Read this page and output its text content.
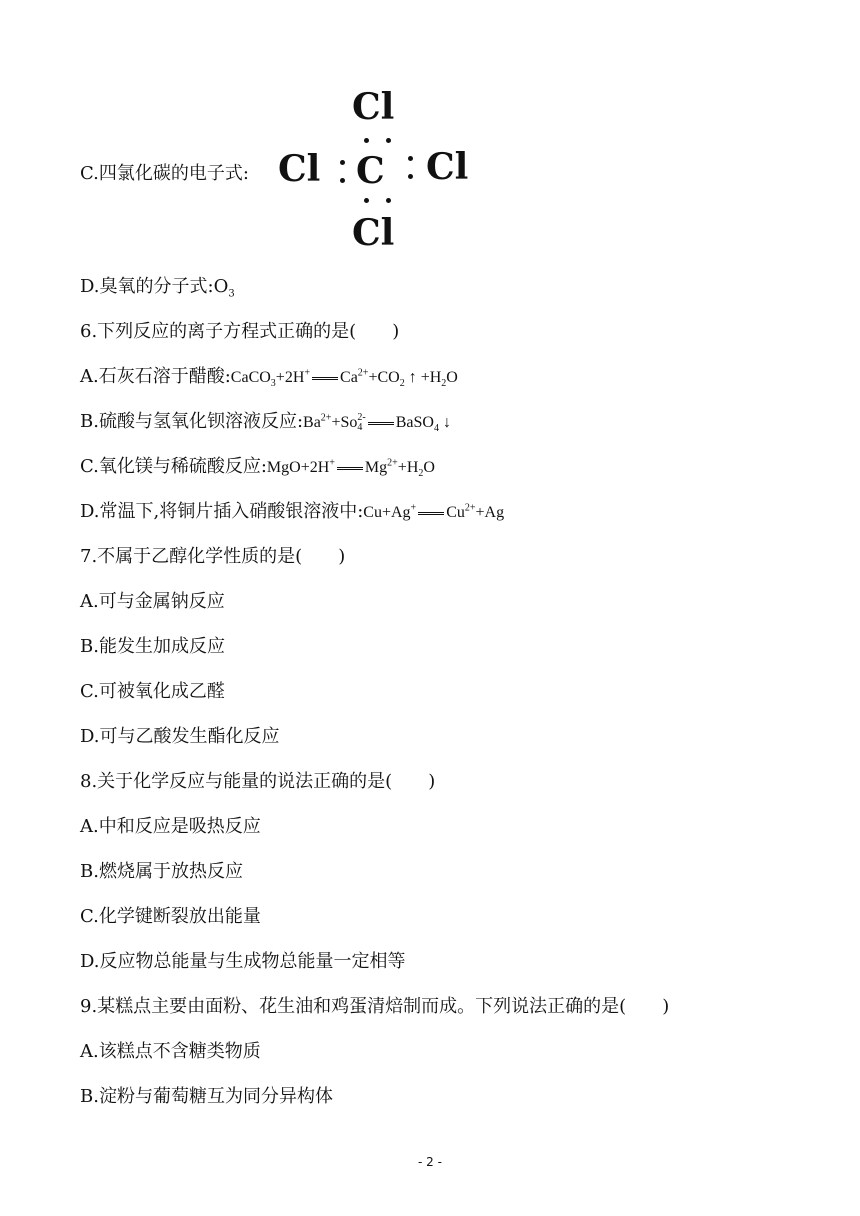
C.四氯化碳的电子式:
Cl
Cl C Cl
Cl
D.臭氧的分子式$:O_3$
6.下列反应的离子方程式正确的是(　　)
A.石灰石溶于醋酸:CaCO$_3$+2H+ $Ca^{2+}+CO_2$ ↑ $+H_2O$
B.硫酸与氢氧化钡溶液反应$:Ba^{2+}+So2-$
4 BaSO$_4$ ↓
C.氧化镁与稀硫酸反应:MgO+2H+ $Mg^{2+}+H_2O$
D.常温下,将铜片插入硝酸银溶液中:Cu+Ag+ $Cu^{2+}+Ag$
7.不属于乙醇化学性质的是(　　)
A.可与金属钠反应
B.能发生加成反应
C.可被氧化成乙醛
D.可与乙酸发生酯化反应
8.关于化学反应与能量的说法正确的是(　　)
A.中和反应是吸热反应
B.燃烧属于放热反应
C.化学键断裂放出能量
D.反应物总能量与生成物总能量一定相等
9.某糕点主要由面粉、花生油和鸡蛋清焙制而成。下列说法正确的是(　　)
A.该糕点不含糖类物质
B.淀粉与葡萄糖互为同分异构体
- 2 -
